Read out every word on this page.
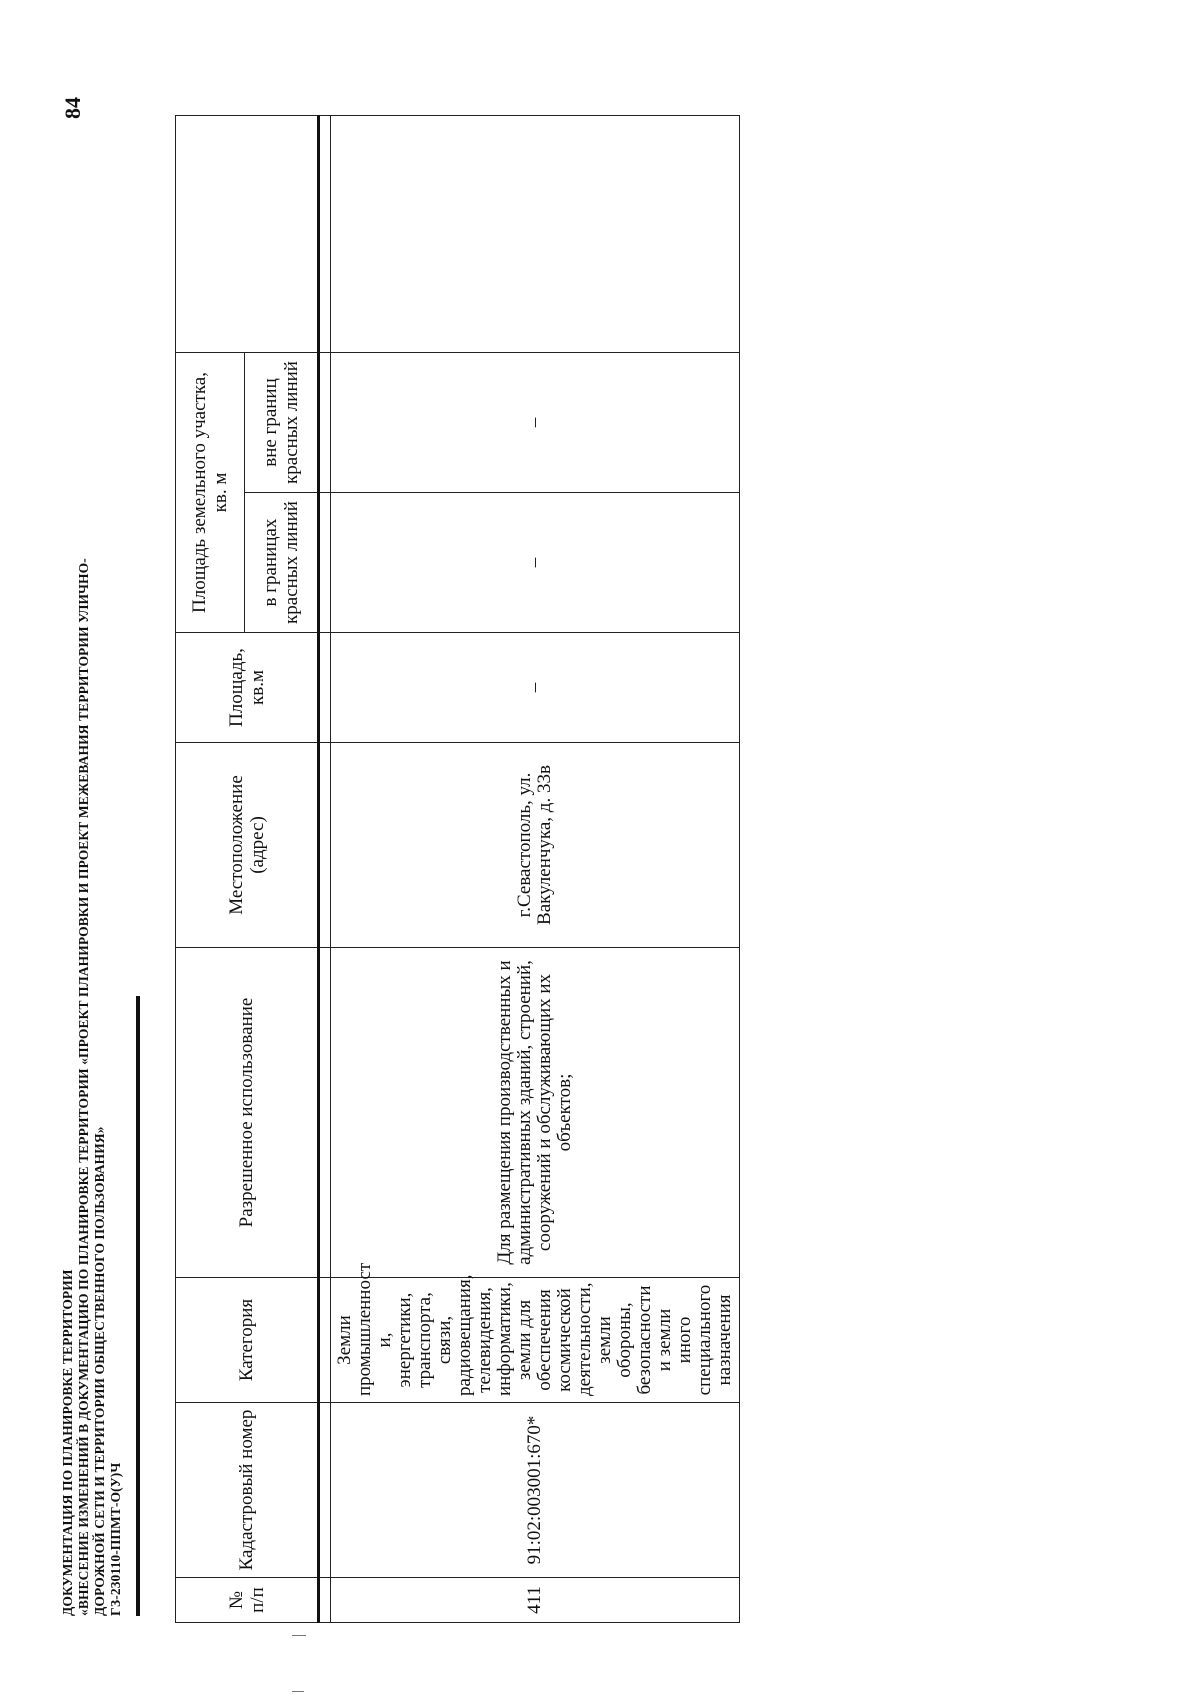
84
ДОКУМЕНТАЦИЯ ПО ПЛАНИРОВКЕ ТЕРРИТОРИИ «ВНЕСЕНИЕ ИЗМЕНЕНИЙ В ДОКУМЕНТАЦИЮ ПО ПЛАНИРОВКЕ ТЕРРИТОРИИ «ПРОЕКТ ПЛАНИРОВКИ И ПРОЕКТ МЕЖЕВАНИЯ ТЕРРИТОРИИ УЛИЧНО- ДОРОЖНОЙ СЕТИ И ТЕРРИТОРИИ ОБЩЕСТВЕННОГО ПОЛЬЗОВАНИЯ» ГЗ-230110-ППМТ-О(У)Ч	№ п/п	Кадастровый номер	Категория	Разрешенное использование	Местоположение (адрес)	Площадь, кв.м	Площадь земельного участка, кв. м		
						в границах красных линий	вне границ красных линий	

411	91:02:003001:670*	Земли промышленност и, энергетики, транспорта, связи, радиовещания, телевидения, информатики, земли для обеспечения космической деятельности, земли обороны, безопасности и земли иного специального назначения	Для размещения производственных и административных зданий, строений, сооружений и обслуживающих их объектов;	г.Севастополь, ул. Вакуленчука, д. 33в	–	–	–	
